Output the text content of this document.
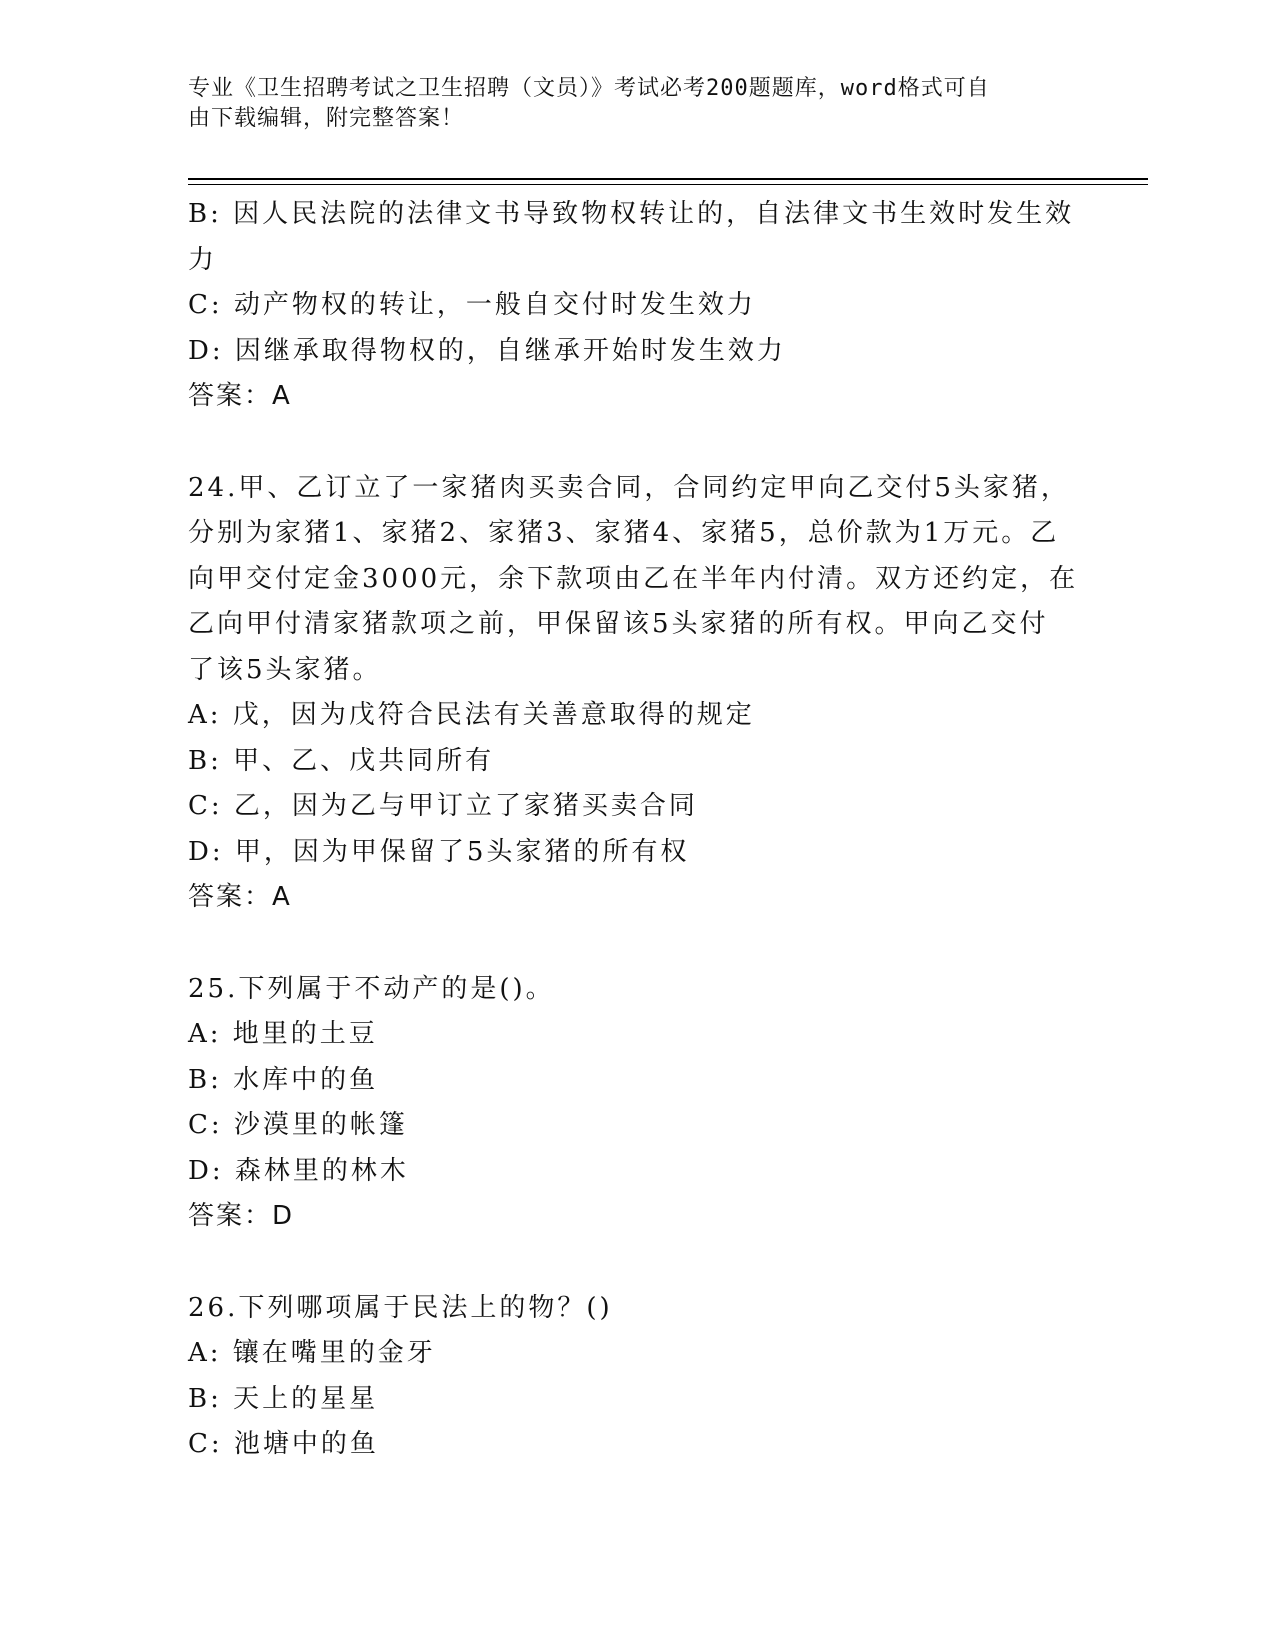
专业《卫生招聘考试之卫生招聘（文员）》考试必考200题题库，word格式可自
由下载编辑，附完整答案！
B: 因人民法院的法律文书导致物权转让的，自法律文书生效时发生效
力
C: 动产物权的转让，一般自交付时发生效力
D: 因继承取得物权的，自继承开始时发生效力
答案：A
24.甲、乙订立了一家猪肉买卖合同，合同约定甲向乙交付5头家猪，
分别为家猪1、家猪2、家猪3、家猪4、家猪5，总价款为1万元。乙
向甲交付定金3000元，余下款项由乙在半年内付清。双方还约定，在
乙向甲付清家猪款项之前，甲保留该5头家猪的所有权。甲向乙交付
了该5头家猪。
A: 戊，因为戊符合民法有关善意取得的规定
B: 甲、乙、戊共同所有
C: 乙，因为乙与甲订立了家猪买卖合同
D: 甲，因为甲保留了5头家猪的所有权
答案：A
25.下列属于不动产的是()。
A: 地里的土豆
B: 水库中的鱼
C: 沙漠里的帐篷
D: 森林里的林木
答案：D
26.下列哪项属于民法上的物？()
A: 镶在嘴里的金牙
B: 天上的星星
C: 池塘中的鱼
